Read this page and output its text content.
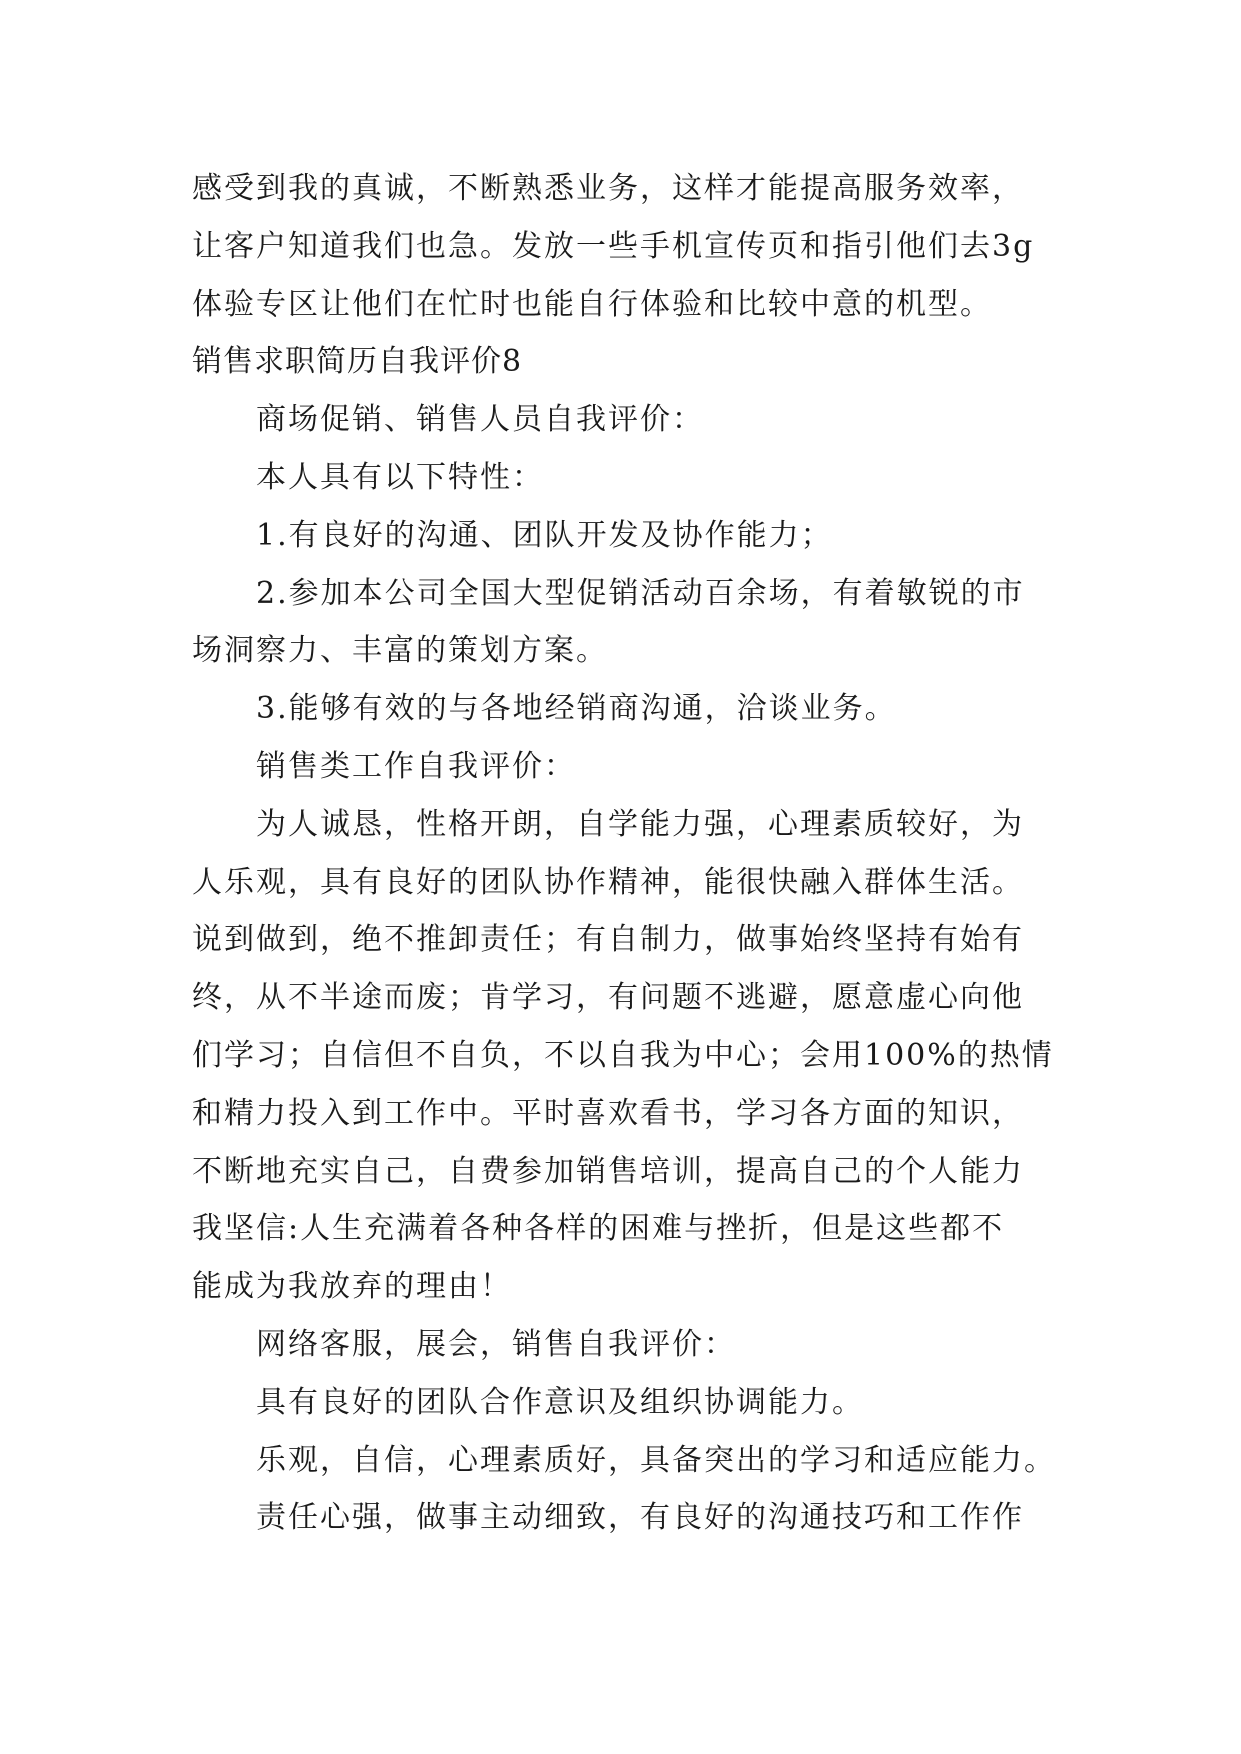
感受到我的真诚，不断熟悉业务，这样才能提高服务效率，
让客户知道我们也急。发放一些手机宣传页和指引他们去3g
体验专区让他们在忙时也能自行体验和比较中意的机型。
销售求职简历自我评价8
商场促销、销售人员自我评价：
本人具有以下特性：
1.有良好的沟通、团队开发及协作能力；
2.参加本公司全国大型促销活动百余场，有着敏锐的市
场洞察力、丰富的策划方案。
3.能够有效的与各地经销商沟通，洽谈业务。
销售类工作自我评价：
为人诚恳，性格开朗，自学能力强，心理素质较好，为
人乐观，具有良好的团队协作精神，能很快融入群体生活。
说到做到，绝不推卸责任；有自制力，做事始终坚持有始有
终，从不半途而废；肯学习，有问题不逃避，愿意虚心向他
们学习；自信但不自负，不以自我为中心；会用100%的热情
和精力投入到工作中。平时喜欢看书，学习各方面的知识，
不断地充实自己，自费参加销售培训，提高自己的个人能力
我坚信:人生充满着各种各样的困难与挫折，但是这些都不
能成为我放弃的理由！
网络客服，展会，销售自我评价：
具有良好的团队合作意识及组织协调能力。
乐观，自信，心理素质好，具备突出的学习和适应能力。
责任心强，做事主动细致，有良好的沟通技巧和工作作
